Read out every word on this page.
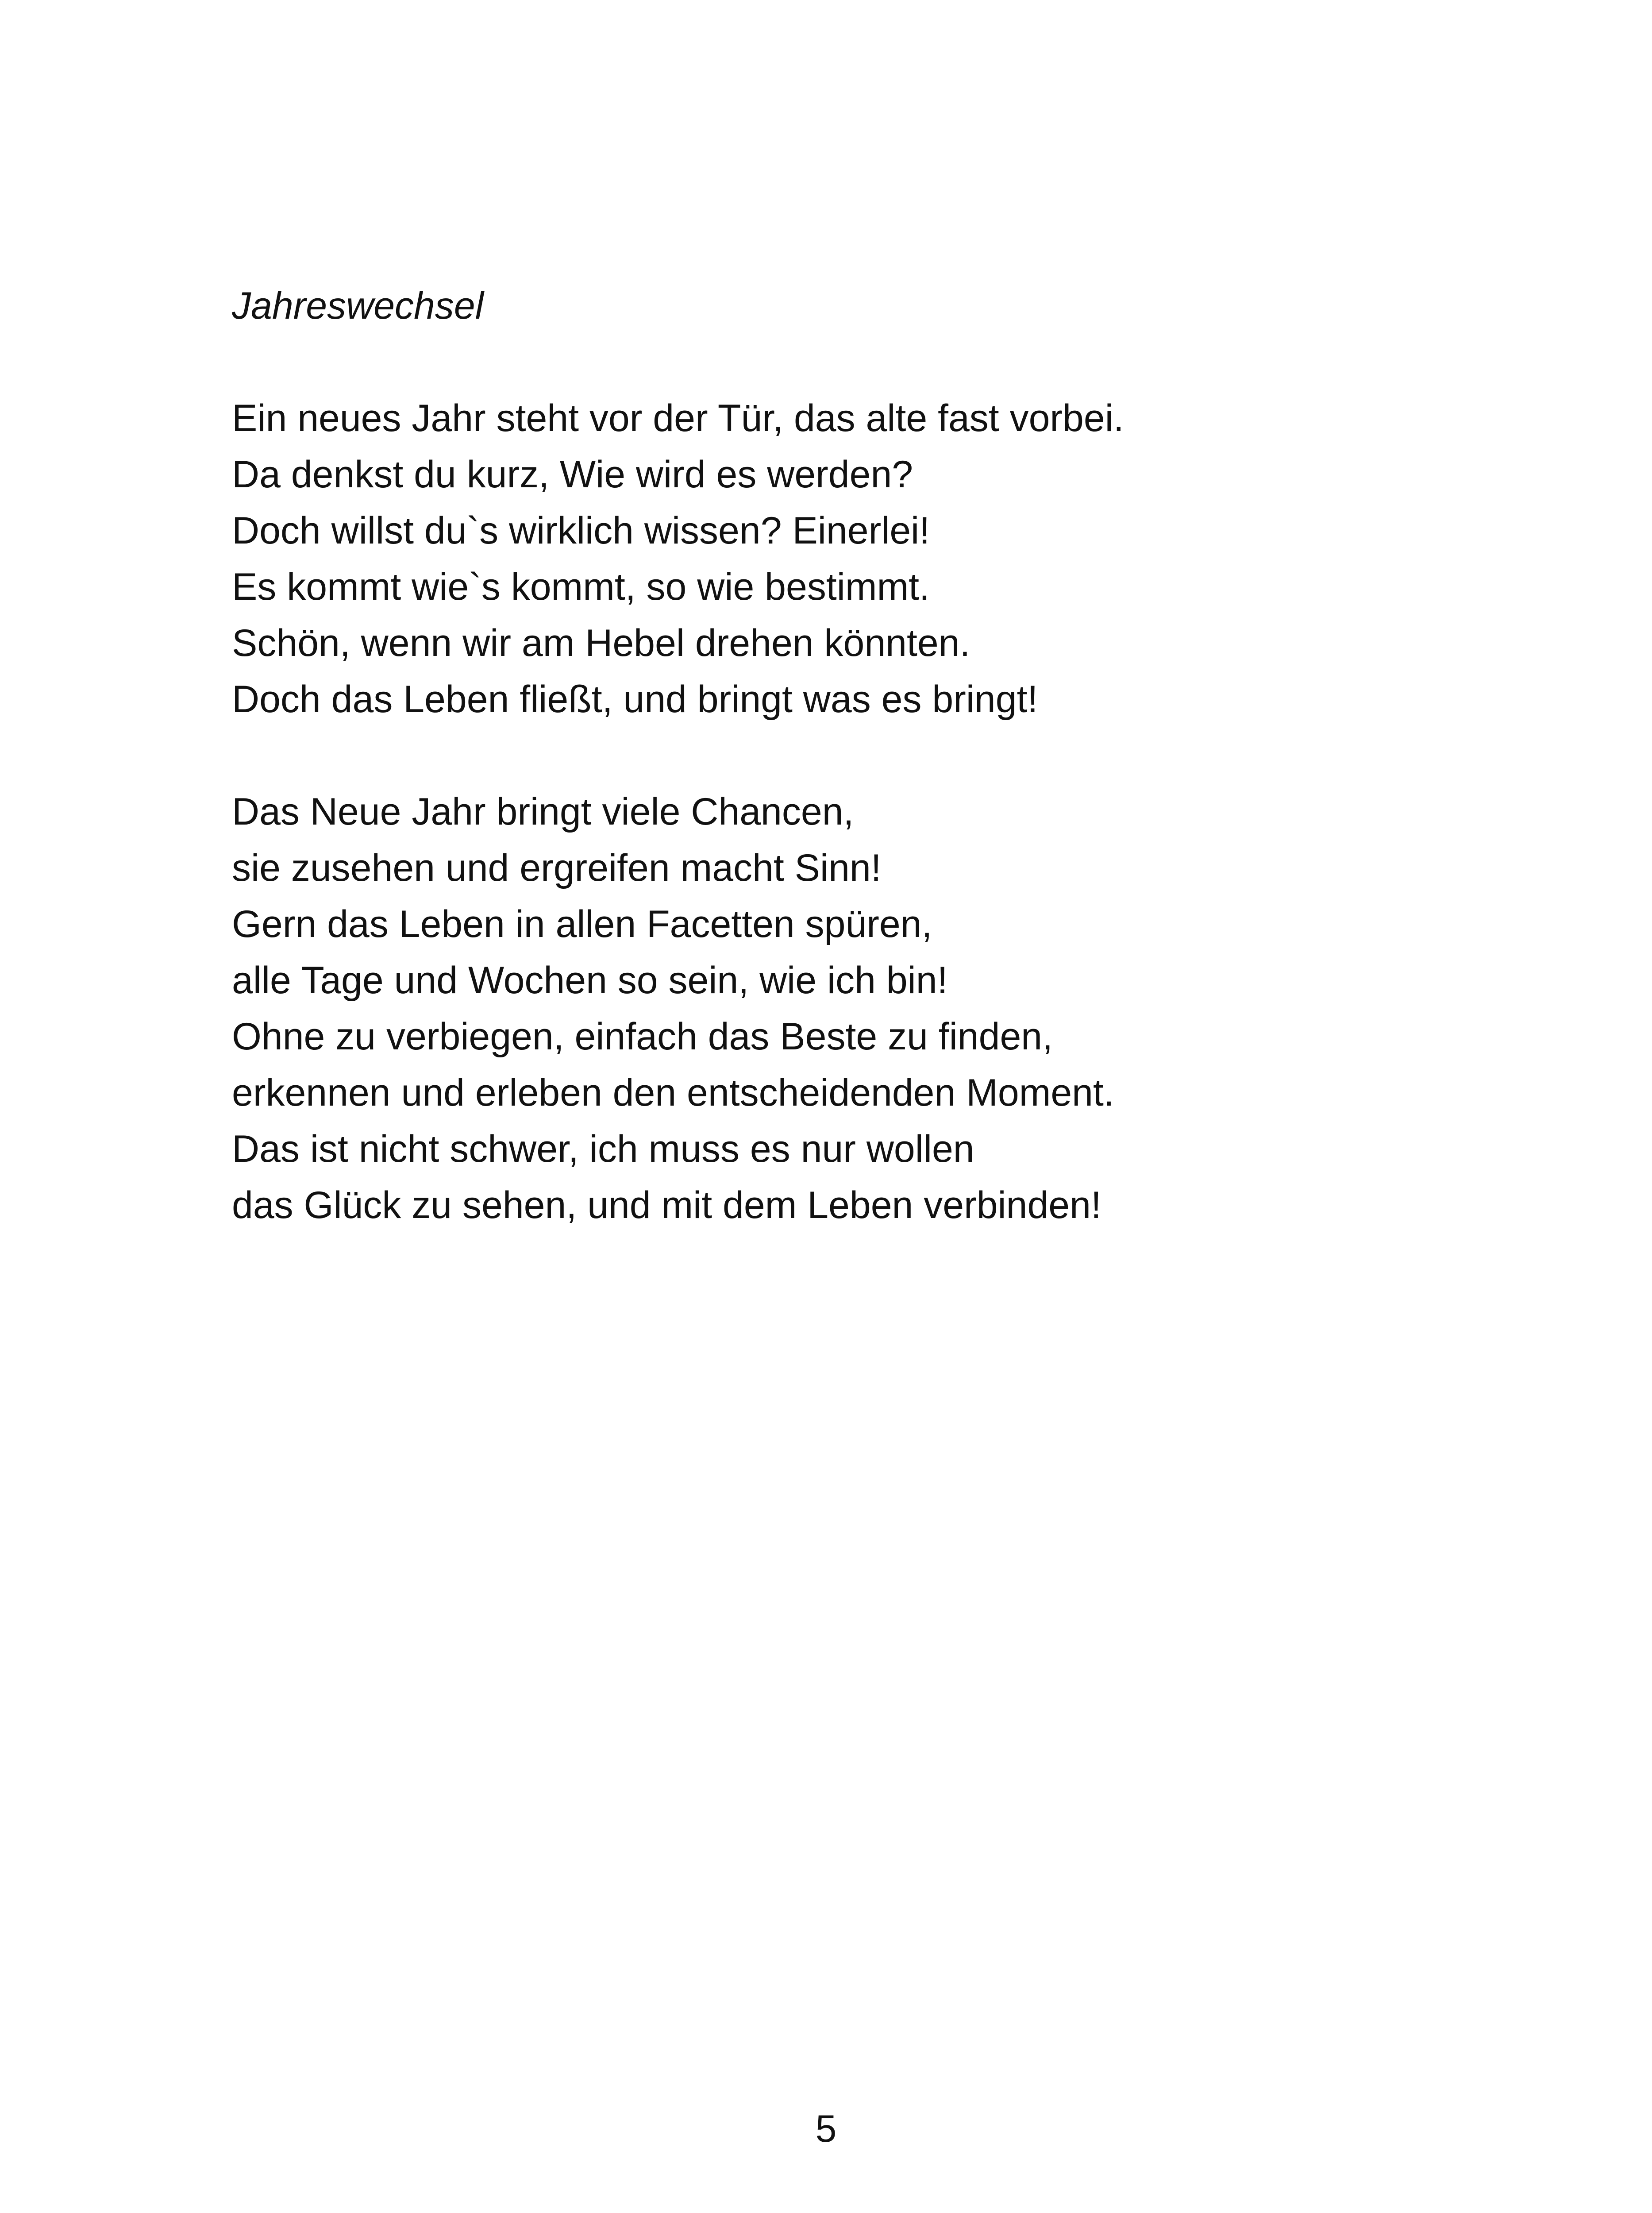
Jahreswechsel
Ein neues Jahr steht vor der Tür, das alte fast vorbei.
Da denkst du kurz, Wie wird es werden?
Doch willst du`s wirklich wissen? Einerlei!
Es kommt wie`s kommt, so wie bestimmt.
Schön, wenn wir am Hebel drehen könnten.
Doch das Leben fließt, und bringt was es bringt!
Das Neue Jahr bringt viele Chancen,
sie zusehen und ergreifen macht Sinn!
Gern das Leben in allen Facetten spüren,
alle Tage und Wochen so sein, wie ich bin!
Ohne zu verbiegen, einfach das Beste zu finden,
erkennen und erleben den entscheidenden Moment.
Das ist nicht schwer, ich muss es nur wollen
das Glück zu sehen, und mit dem Leben verbinden!
5
